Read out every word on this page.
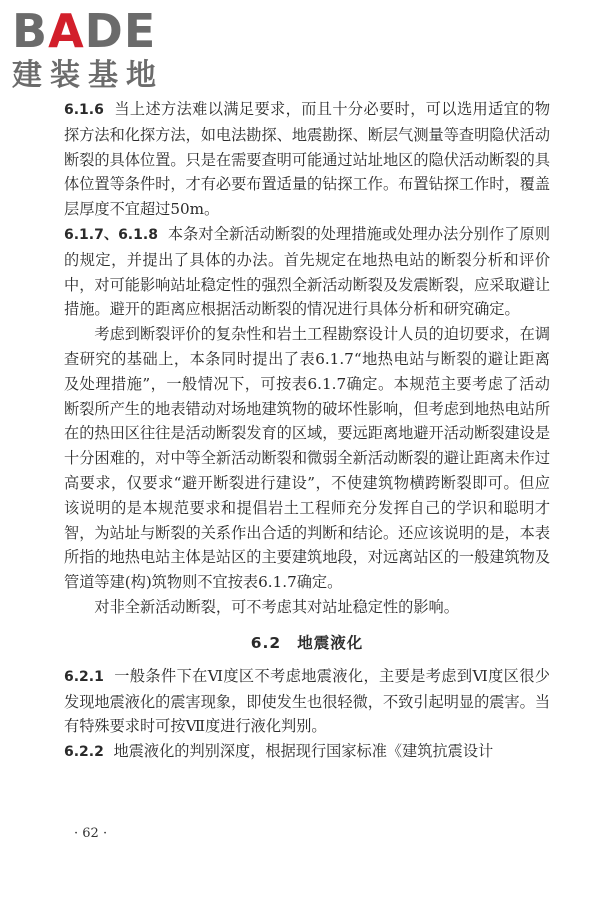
BADE
建装基地

6.1.6 当上述方法难以满足要求，而且十分必要时，可以选用适宜的物探方法和化探方法，如电法勘探、地震勘探、断层气测量等查明隐伏活动断裂的具体位置。只是在需要查明可能通过站址地区的隐伏活动断裂的具体位置等条件时，才有必要布置适量的钻探工作。布置钻探工作时，覆盖层厚度不宜超过50m。

6.1.7、6.1.8 本条对全新活动断裂的处理措施或处理办法分别作了原则的规定，并提出了具体的办法。首先规定在地热电站的断裂分析和评价中，对可能影响站址稳定性的强烈全新活动断裂及发震断裂，应采取避让措施。避开的距离应根据活动断裂的情况进行具体分析和研究确定。

考虑到断裂评价的复杂性和岩土工程勘察设计人员的迫切要求，在调查研究的基础上，本条同时提出了表6.1.7“地热电站与断裂的避让距离及处理措施”，一般情况下，可按表6.1.7确定。本规范主要考虑了活动断裂所产生的地表错动对场地建筑物的破坏性影响，但考虑到地热电站所在的热田区往往是活动断裂发育的区域，要远距离地避开活动断裂建设是十分困难的，对中等全新活动断裂和微弱全新活动断裂的避让距离未作过高要求，仅要求“避开断裂进行建设”，不使建筑物横跨断裂即可。但应该说明的是本规范要求和提倡岩土工程师充分发挥自己的学识和聪明才智，为站址与断裂的关系作出合适的判断和结论。还应该说明的是，本表所指的地热电站主体是站区的主要建筑地段，对远离站区的一般建筑物及管道等建(构)筑物则不宜按表6.1.7确定。

对非全新活动断裂，可不考虑其对站址稳定性的影响。

6.2 地震液化

6.2.1 一般条件下在Ⅵ度区不考虑地震液化，主要是考虑到Ⅵ度区很少发现地震液化的震害现象，即使发生也很轻微，不致引起明显的震害。当有特殊要求时可按Ⅶ度进行液化判别。

6.2.2 地震液化的判别深度，根据现行国家标准《建筑抗震设计

· 62 ·
